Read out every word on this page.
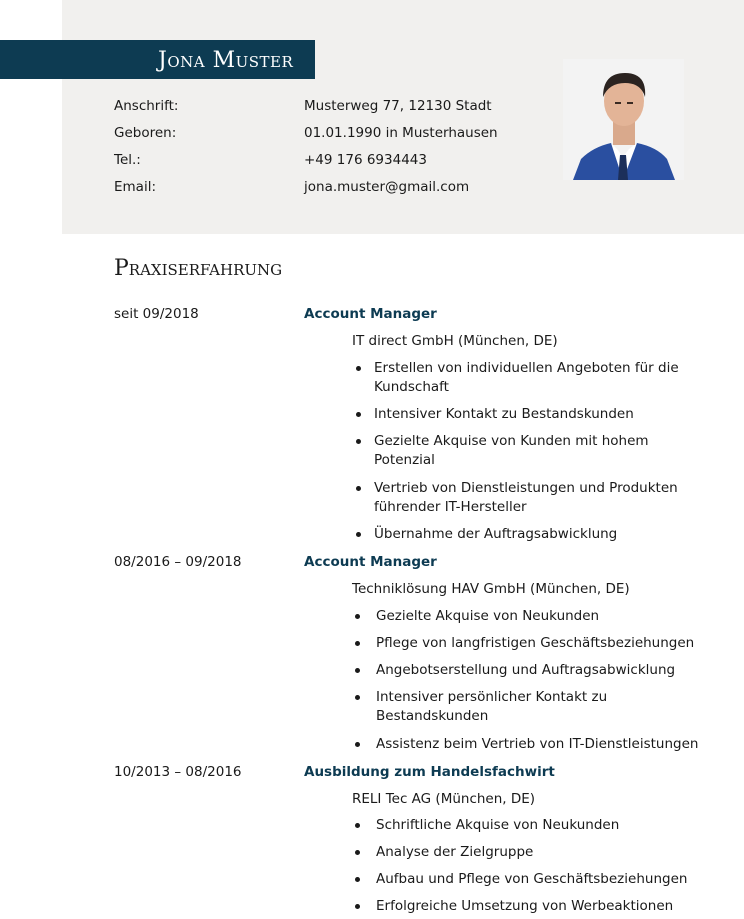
Jona Muster
Anschrift:	Musterweg 77, 12130 Stadt
Geboren:	01.01.1990 in Musterhausen
Tel.:	+49 176 6934443
Email:	jona.muster@gmail.com
Praxiserfahrung
seit 09/2018	Account Manager
IT direct GmbH (München, DE)
Erstellen von individuellen Angeboten für die Kundschaft
Intensiver Kontakt zu Bestandskunden
Gezielte Akquise von Kunden mit hohem Potenzial
Vertrieb von Dienstleistungen und Produkten führender IT-Hersteller
Übernahme der Auftragsabwicklung
08/2016 – 09/2018	Account Manager
Techniklösung HAV GmbH (München, DE)
Gezielte Akquise von Neukunden
Pflege von langfristigen Geschäftsbeziehungen
Angebotserstellung und Auftragsabwicklung
Intensiver persönlicher Kontakt zu Bestandskunden
Assistenz beim Vertrieb von IT-Dienstleistungen
10/2013 – 08/2016	Ausbildung zum Handelsfachwirt
RELI Tec AG (München, DE)
Schriftliche Akquise von Neukunden
Analyse der Zielgruppe
Aufbau und Pflege von Geschäftsbeziehungen
Erfolgreiche Umsetzung von Werbeaktionen
